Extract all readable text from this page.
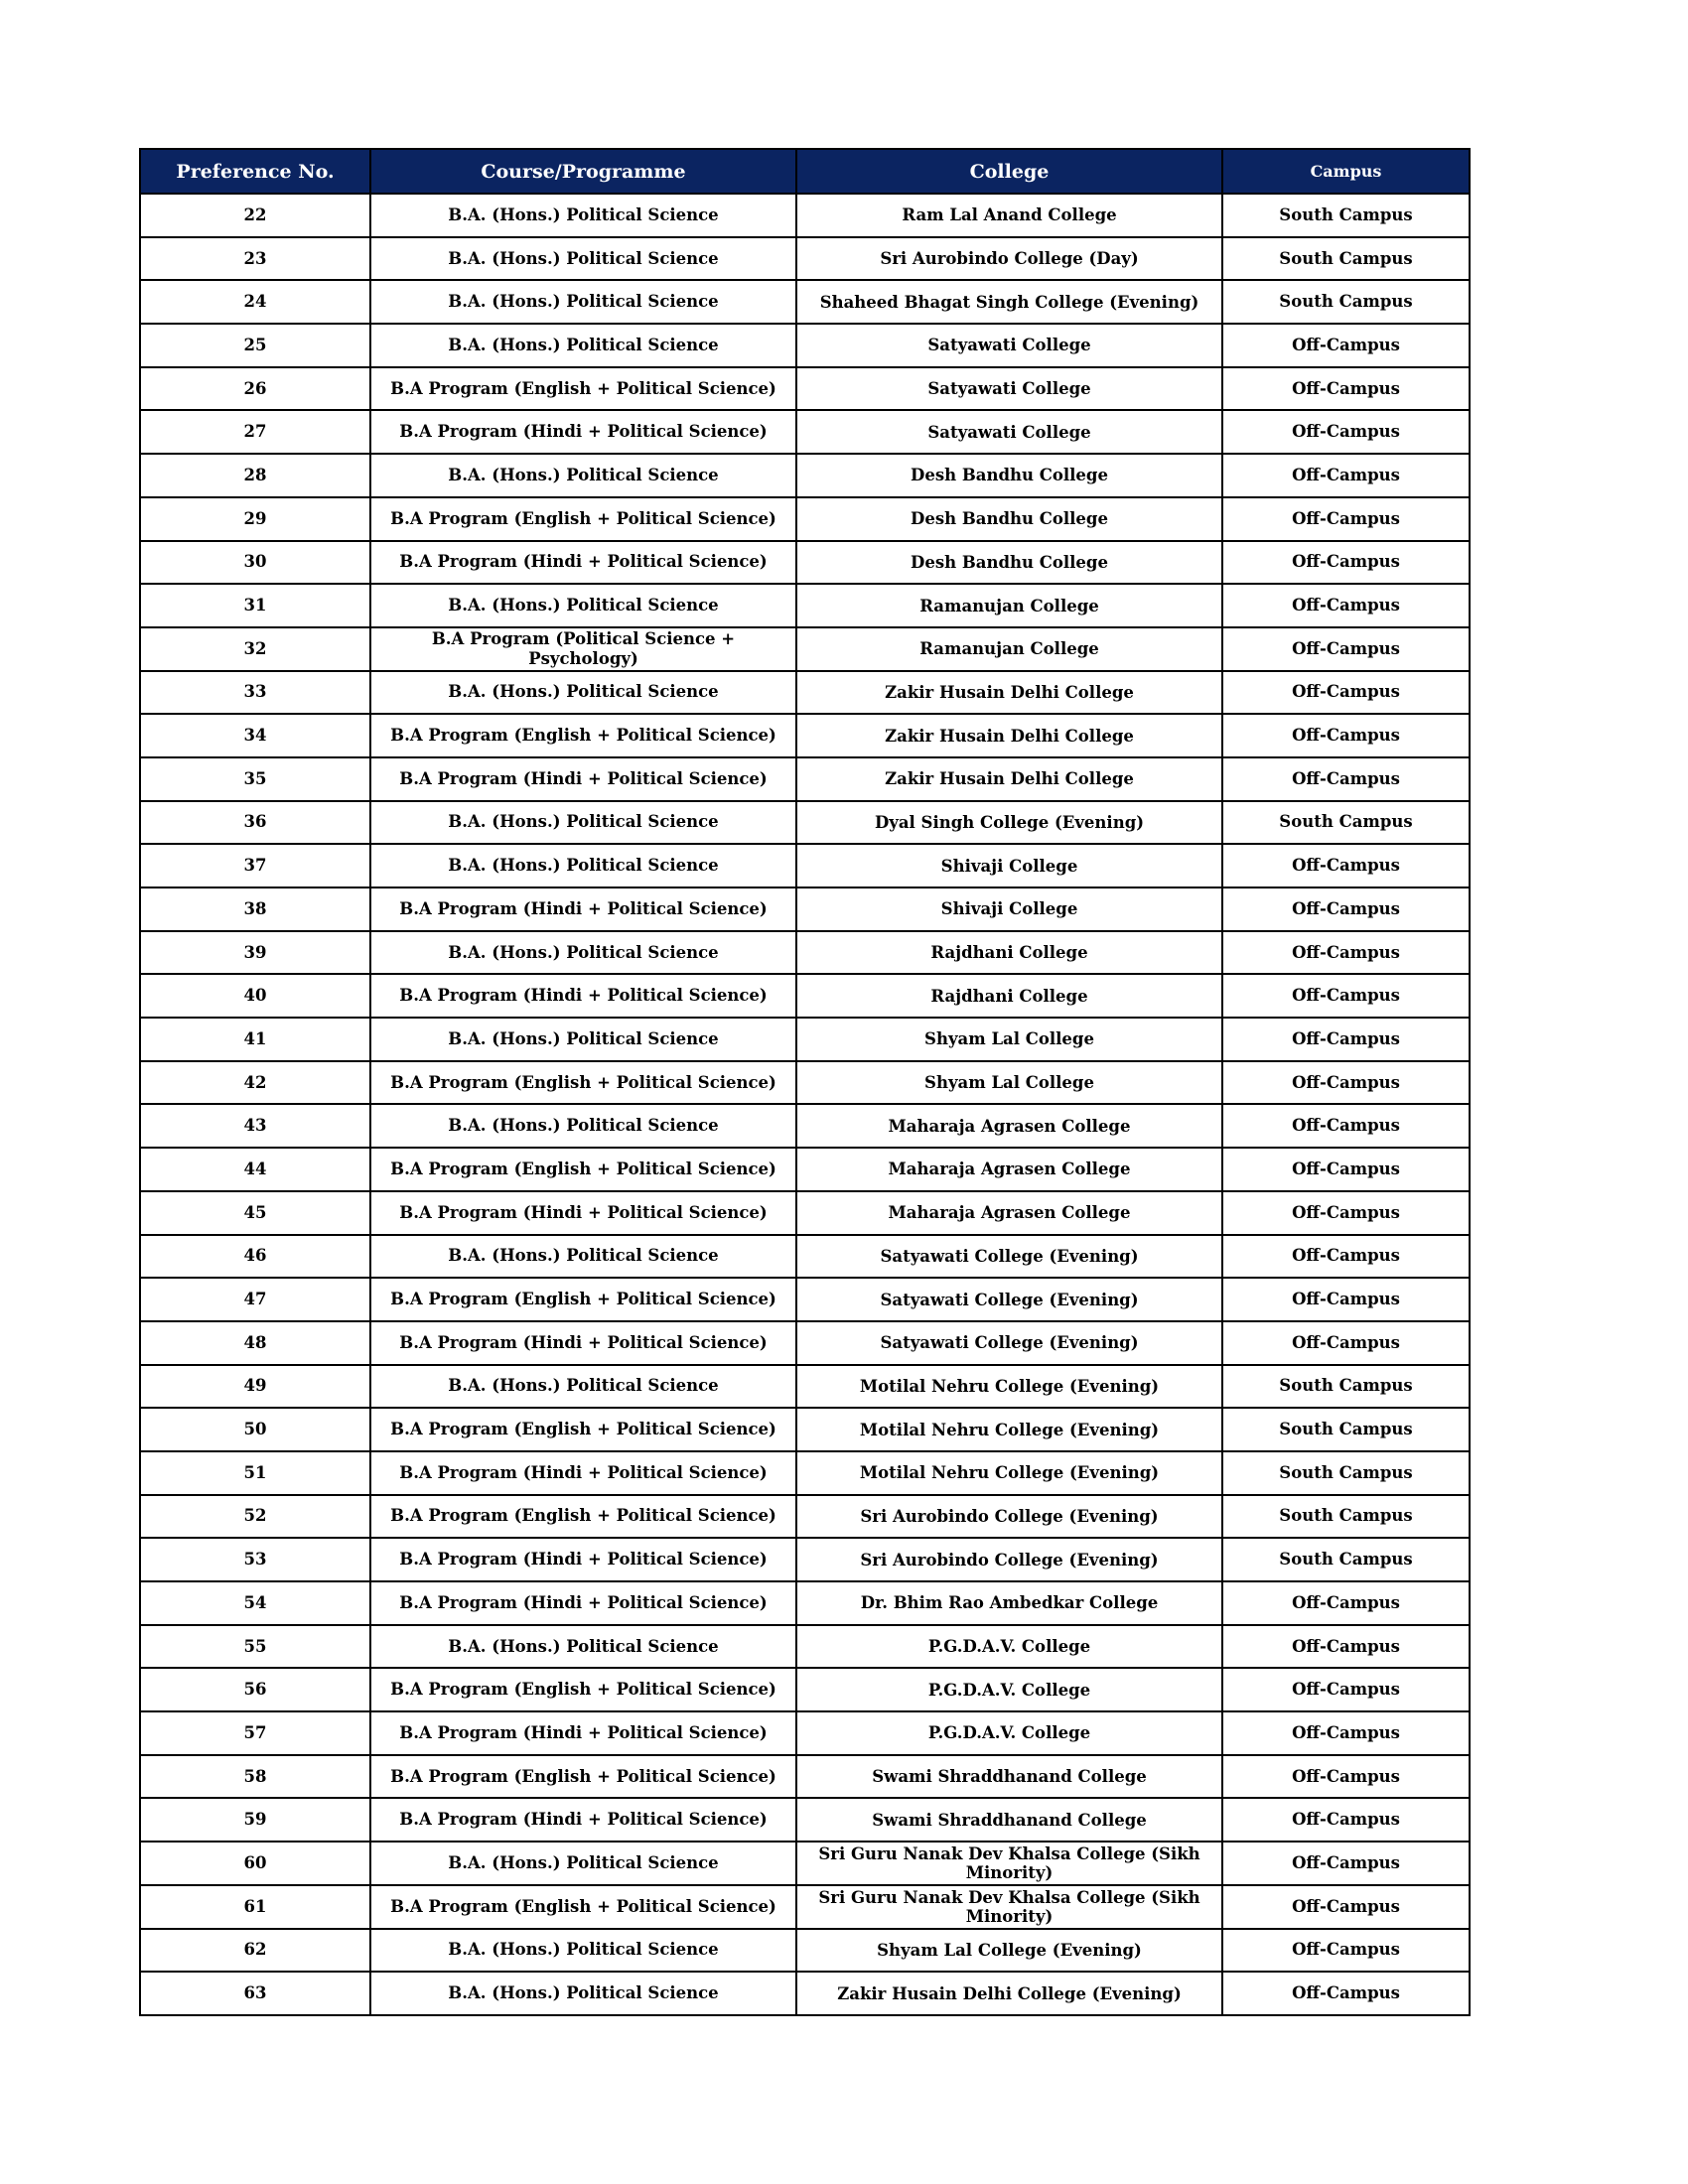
Preference No.	Course/Programme	College	Campus
22	B.A. (Hons.) Political Science	Ram Lal Anand College	South Campus
23	B.A. (Hons.) Political Science	Sri Aurobindo College (Day)	South Campus
24	B.A. (Hons.) Political Science	Shaheed Bhagat Singh College (Evening)	South Campus
25	B.A. (Hons.) Political Science	Satyawati College	Off-Campus
26	B.A Program (English + Political Science)	Satyawati College	Off-Campus
27	B.A Program (Hindi + Political Science)	Satyawati College	Off-Campus
28	B.A. (Hons.) Political Science	Desh Bandhu College	Off-Campus
29	B.A Program (English + Political Science)	Desh Bandhu College	Off-Campus
30	B.A Program (Hindi + Political Science)	Desh Bandhu College	Off-Campus
31	B.A. (Hons.) Political Science	Ramanujan College	Off-Campus
32	B.A Program (Political Science + Psychology)	Ramanujan College	Off-Campus
33	B.A. (Hons.) Political Science	Zakir Husain Delhi College	Off-Campus
34	B.A Program (English + Political Science)	Zakir Husain Delhi College	Off-Campus
35	B.A Program (Hindi + Political Science)	Zakir Husain Delhi College	Off-Campus
36	B.A. (Hons.) Political Science	Dyal Singh College (Evening)	South Campus
37	B.A. (Hons.) Political Science	Shivaji College	Off-Campus
38	B.A Program (Hindi + Political Science)	Shivaji College	Off-Campus
39	B.A. (Hons.) Political Science	Rajdhani College	Off-Campus
40	B.A Program (Hindi + Political Science)	Rajdhani College	Off-Campus
41	B.A. (Hons.) Political Science	Shyam Lal College	Off-Campus
42	B.A Program (English + Political Science)	Shyam Lal College	Off-Campus
43	B.A. (Hons.) Political Science	Maharaja Agrasen College	Off-Campus
44	B.A Program (English + Political Science)	Maharaja Agrasen College	Off-Campus
45	B.A Program (Hindi + Political Science)	Maharaja Agrasen College	Off-Campus
46	B.A. (Hons.) Political Science	Satyawati College (Evening)	Off-Campus
47	B.A Program (English + Political Science)	Satyawati College (Evening)	Off-Campus
48	B.A Program (Hindi + Political Science)	Satyawati College (Evening)	Off-Campus
49	B.A. (Hons.) Political Science	Motilal Nehru College (Evening)	South Campus
50	B.A Program (English + Political Science)	Motilal Nehru College (Evening)	South Campus
51	B.A Program (Hindi + Political Science)	Motilal Nehru College (Evening)	South Campus
52	B.A Program (English + Political Science)	Sri Aurobindo College (Evening)	South Campus
53	B.A Program (Hindi + Political Science)	Sri Aurobindo College (Evening)	South Campus
54	B.A Program (Hindi + Political Science)	Dr. Bhim Rao Ambedkar College	Off-Campus
55	B.A. (Hons.) Political Science	P.G.D.A.V. College	Off-Campus
56	B.A Program (English + Political Science)	P.G.D.A.V. College	Off-Campus
57	B.A Program (Hindi + Political Science)	P.G.D.A.V. College	Off-Campus
58	B.A Program (English + Political Science)	Swami Shraddhanand College	Off-Campus
59	B.A Program (Hindi + Political Science)	Swami Shraddhanand College	Off-Campus
60	B.A. (Hons.) Political Science	Sri Guru Nanak Dev Khalsa College (Sikh Minority)	Off-Campus
61	B.A Program (English + Political Science)	Sri Guru Nanak Dev Khalsa College (Sikh Minority)	Off-Campus
62	B.A. (Hons.) Political Science	Shyam Lal College (Evening)	Off-Campus
63	B.A. (Hons.) Political Science	Zakir Husain Delhi College (Evening)	Off-Campus
